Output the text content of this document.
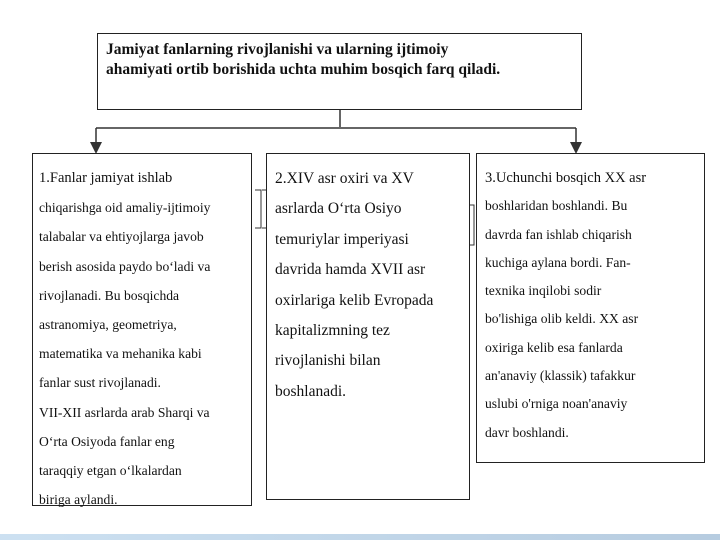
Jamiyat fanlarning rivojlanishi va ularning ijtimoiy
ahamiyati ortib borishida uchta muhim bosqich farq qiladi.

1.Fanlar jamiyat ishlab

chiqarishga oid amaliy-ijtimoiy

talabalar va ehtiyojlarga javob

berish asosida paydo bo‘ladi va

rivojlanadi. Bu bosqichda

astranomiya, geometriya,

matematika va mehanika kabi

fanlar sust rivojlanadi.

VII-XII asrlarda arab Sharqi va

O‘rta Osiyoda fanlar eng

taraqqiy etgan o‘lkalardan

biriga aylandi.

2.XIV asr oxiri va XV

asrlarda O‘rta Osiyo

temuriylar imperiyasi

davrida hamda XVII asr

oxirlariga kelib Evropada

kapitalizmning tez

rivojlanishi bilan

boshlanadi.

3.Uchunchi bosqich XX asr

boshlaridan boshlandi. Bu

davrda fan ishlab chiqarish

kuchiga aylana bordi. Fan-

texnika inqilobi sodir

bo'lishiga olib keldi. XX asr

oxiriga kelib esa fanlarda

an'anaviy (klassik) tafakkur

uslubi o'rniga noan'anaviy

davr boshlandi.
